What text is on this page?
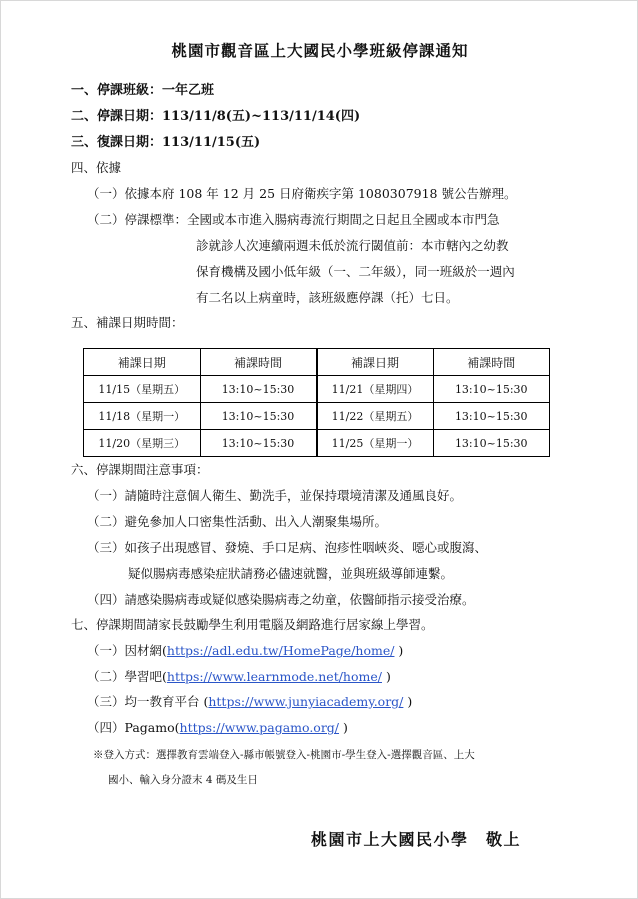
桃園市觀音區上大國民小學班級停課通知
一、停課班級：一年乙班
二、停課日期：113/11/8(五)~113/11/14(四)
三、復課日期：113/11/15(五)
四、依據
（一）依據本府 108 年 12 月 25 日府衛疾字第 1080307918 號公告辦理。
（二）停課標準：全國或本市進入腸病毒流行期間之日起且全國或本市門急
診就診人次連續兩週未低於流行閾值前：本市轄內之幼教
保育機構及國小低年級（一、二年級），同一班級於一週內
有二名以上病童時，該班級應停課（托）七日。
五、補課日期時間：
補課日期	補課時間	補課日期	補課時間
11/15（星期五）	13:10~15:30	11/21（星期四）	13:10~15:30
11/18（星期一）	13:10~15:30	11/22（星期五）	13:10~15:30
11/20（星期三）	13:10~15:30	11/25（星期一）	13:10~15:30
六、停課期間注意事項：
（一）請隨時注意個人衛生、勤洗手，並保持環境清潔及通風良好。
（二）避免參加人口密集性活動、出入人潮聚集場所。
（三）如孩子出現感冒、發燒、手口足病、泡疹性咽峽炎、噁心或腹瀉、
疑似腸病毒感染症狀請務必儘速就醫，並與班級導師連繫。
（四）請感染腸病毒或疑似感染腸病毒之幼童，依醫師指示接受治療。
七、停課期間請家長鼓勵學生利用電腦及網路進行居家線上學習。
（一）因材網(https://adl.edu.tw/HomePage/home/ )
（二）學習吧(https://www.learnmode.net/home/ )
（三）均一教育平台 (https://www.junyiacademy.org/ )
（四）Pagamo(https://www.pagamo.org/ )
※登入方式：選擇教育雲端登入-縣市帳號登入-桃園市-學生登入-選擇觀音區、上大
國小、輸入身分證末 4 碼及生日
桃園市上大國民小學　敬上
